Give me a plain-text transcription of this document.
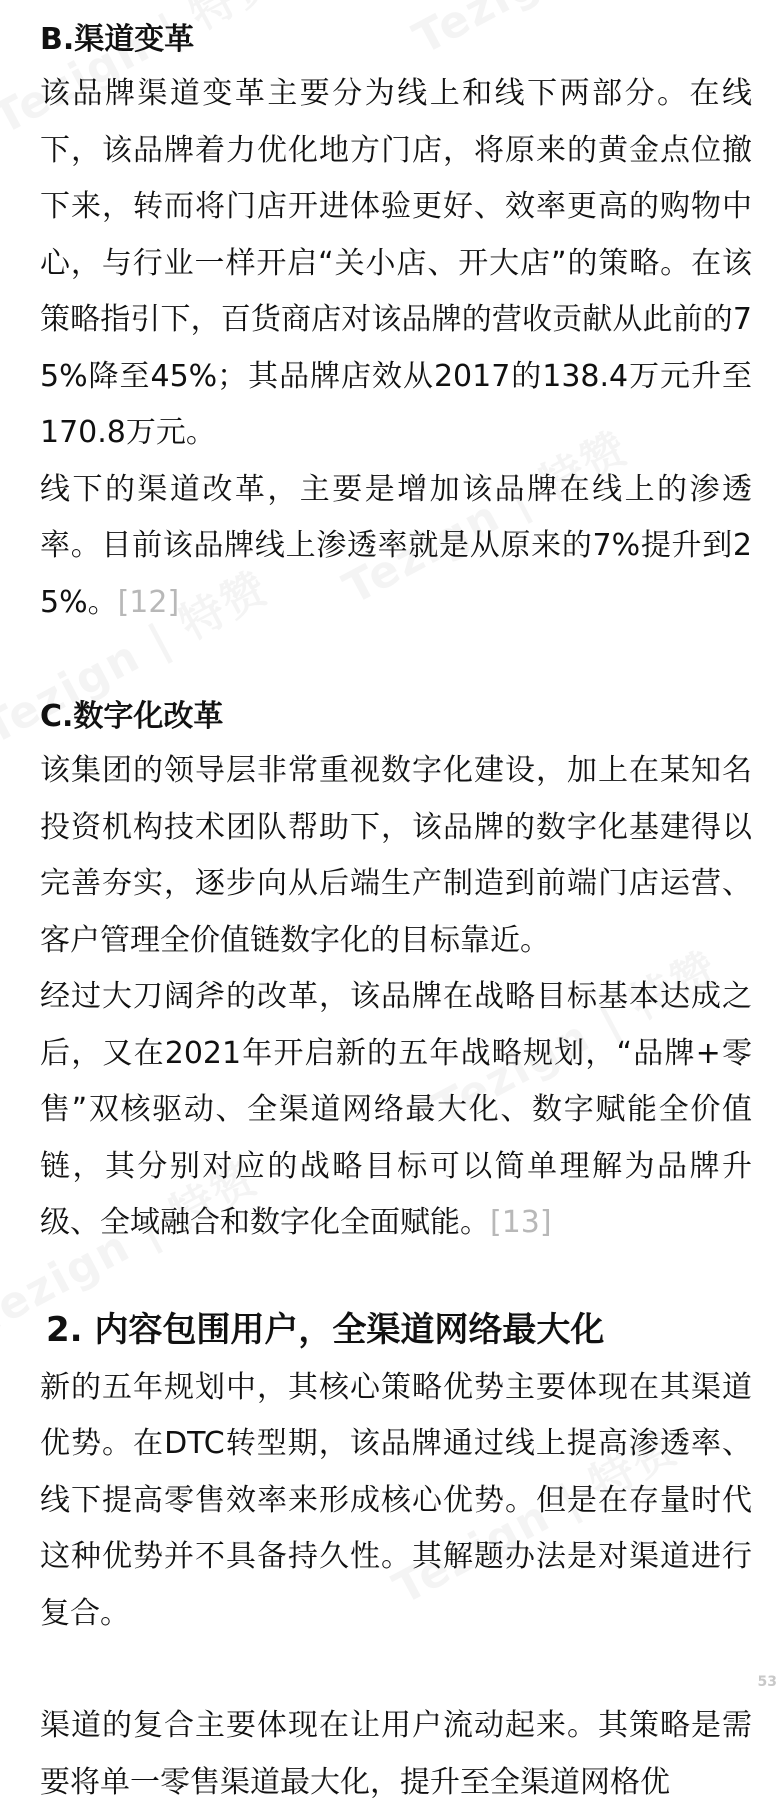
B.渠道变革

该品牌渠道变革主要分为线上和线下两部分。在线下，该品牌着力优化地方门店，将原来的黄金点位撤下来，转而将门店开进体验更好、效率更高的购物中心，与行业一样开启“关小店、开大店”的策略。在该策略指引下，百货商店对该品牌的营收贡献从此前的75%降至45%；其品牌店效从2017的138.4万元升至170.8万元。

线下的渠道改革，主要是增加该品牌在线上的渗透率。目前该品牌线上渗透率就是从原来的7%提升到25%。[12]

C.数字化改革

该集团的领导层非常重视数字化建设，加上在某知名投资机构技术团队帮助下，该品牌的数字化基建得以完善夯实，逐步向从后端生产制造到前端门店运营、客户管理全价值链数字化的目标靠近。

经过大刀阔斧的改革，该品牌在战略目标基本达成之后，又在2021年开启新的五年战略规划，“品牌+零售”双核驱动、全渠道网络最大化、数字赋能全价值链，其分别对应的战略目标可以简单理解为品牌升级、全域融合和数字化全面赋能。[13]

2. 内容包围用户，全渠道网络最大化

新的五年规划中，其核心策略优势主要体现在其渠道优势。在DTC转型期，该品牌通过线上提高渗透率、线下提高零售效率来形成核心优势。但是在存量时代这种优势并不具备持久性。其解题办法是对渠道进行复合。

渠道的复合主要体现在让用户流动起来。其策略是需要将单一零售渠道最大化，提升至全渠道网格优

53
